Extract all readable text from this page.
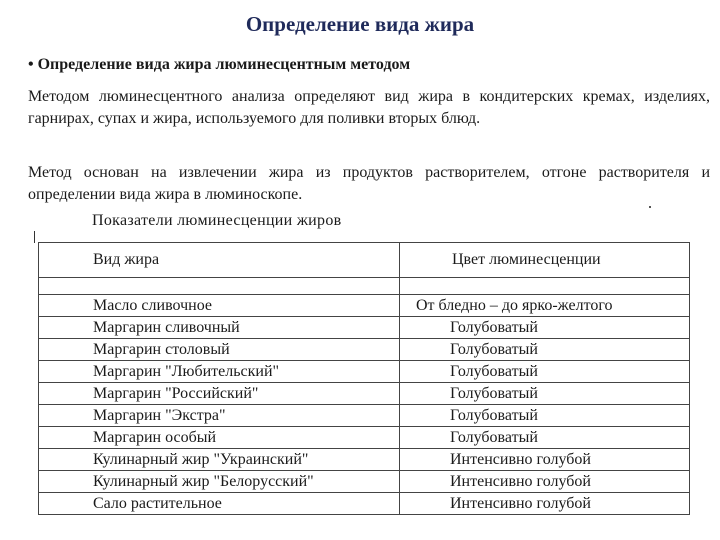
Определение вида жира
• Определение вида жира люминесцентным методом
Методом люминесцентного анализа определяют вид жира в кондитерских кремах, изделиях, гарнирах, супах и жира, используемого для поливки вторых блюд.
Метод основан на извлечении жира из продуктов растворителем, отгоне растворителя и определении вида жира в люминоскопе.
Показатели люминесценции жиров
Вид жира	Цвет люминесценции

Масло сливочное	От бледно – до ярко-желтого
Маргарин сливочный	Голубоватый
Маргарин столовый	Голубоватый
Маргарин "Любительский"	Голубоватый
Маргарин "Российский"	Голубоватый
Маргарин "Экстра"	Голубоватый
Маргарин особый	Голубоватый
Кулинарный жир "Украинский"	Интенсивно голубой
Кулинарный жир "Белорусский"	Интенсивно голубой
Сало растительное	Интенсивно голубой
